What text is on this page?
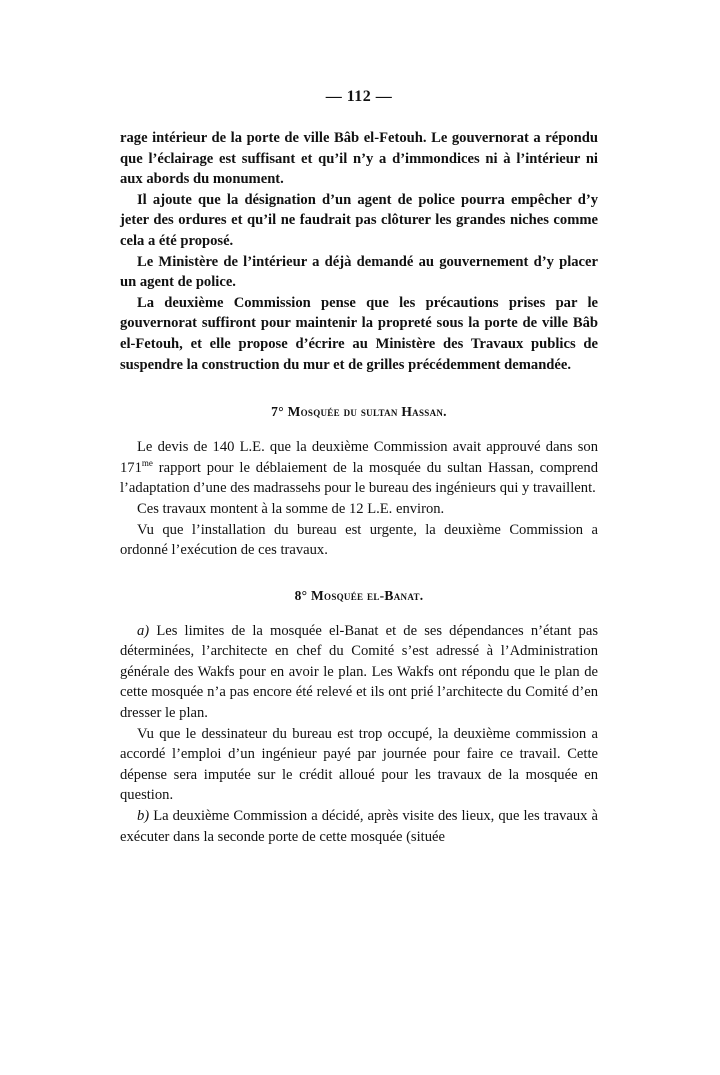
— 112 —

rage intérieur de la porte de ville Bâb el-Fetouh. Le gouvernorat a répondu que l’éclairage est suffisant et qu’il n’y a d’immondices ni à l’intérieur ni aux abords du monument.

Il ajoute que la désignation d’un agent de police pourra empêcher d’y jeter des ordures et qu’il ne faudrait pas clôturer les grandes niches comme cela a été proposé.

Le Ministère de l’intérieur a déjà demandé au gouvernement d’y placer un agent de police.

La deuxième Commission pense que les précautions prises par le gouvernorat suffiront pour maintenir la propreté sous la porte de ville Bâb el-Fetouh, et elle propose d’écrire au Ministère des Travaux publics de suspendre la construction du mur et de grilles précédemment demandée.

7° Mosquée du sultan Hassan.

Le devis de 140 L.E. que la deuxième Commission avait approuvé dans son $171^{me}$ rapport pour le déblaiement de la mosquée du sultan Hassan, comprend l’adaptation d’une des madrassehs pour le bureau des ingénieurs qui y travaillent.

Ces travaux montent à la somme de 12 L.E. environ.

Vu que l’installation du bureau est urgente, la deuxième Commission a ordonné l’exécution de ces travaux.

8° Mosquée el-Banat.

a) Les limites de la mosquée el-Banat et de ses dépendances n’étant pas déterminées, l’architecte en chef du Comité s’est adressé à l’Administration générale des Wakfs pour en avoir le plan. Les Wakfs ont répondu que le plan de cette mosquée n’a pas encore été relevé et ils ont prié l’architecte du Comité d’en dresser le plan.

Vu que le dessinateur du bureau est trop occupé, la deuxième commission a accordé l’emploi d’un ingénieur payé par journée pour faire ce travail. Cette dépense sera imputée sur le crédit alloué pour les travaux de la mosquée en question.

b) La deuxième Commission a décidé, après visite des lieux, que les travaux à exécuter dans la seconde porte de cette mosquée (située
